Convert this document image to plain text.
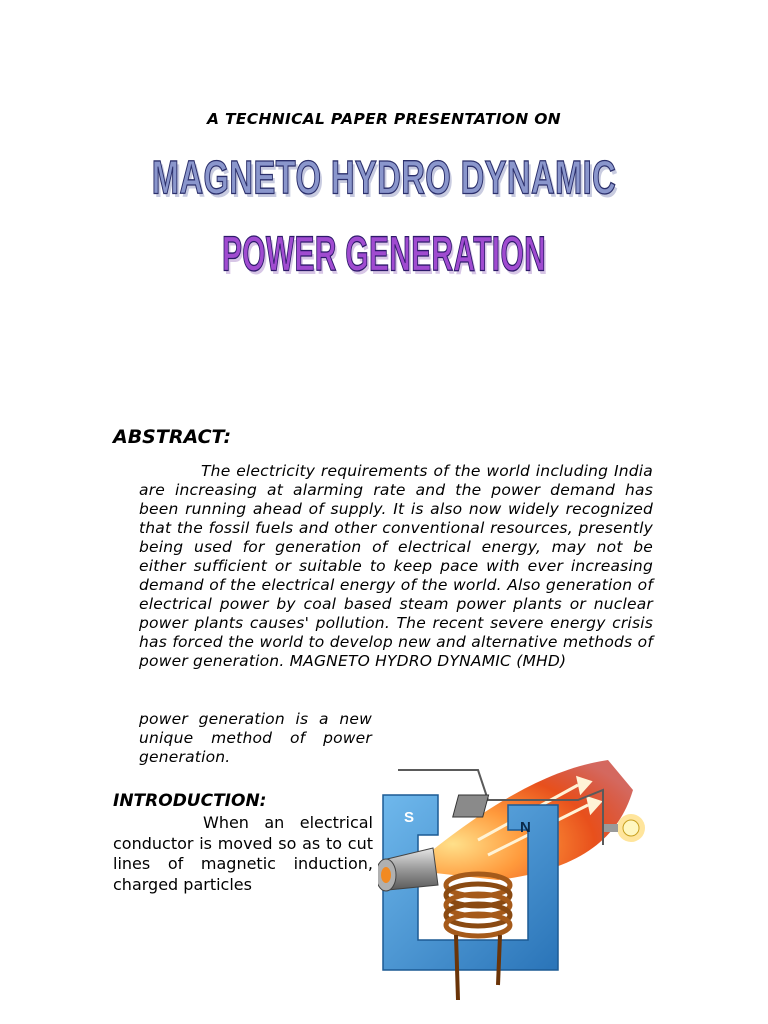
A TECHNICAL PAPER PRESENTATION ON
MAGNETO HYDRO DYNAMIC
POWER GENERATION
ABSTRACT:
The electricity requirements of the world including India are increasing at alarming rate and the power demand has been running ahead of supply. It is also now widely recognized that the fossil fuels and other conventional resources, presently being used for generation of electrical energy, may not be either sufficient or suitable to keep pace with ever increasing demand of the electrical energy of the world. Also generation of electrical power by coal based steam power plants or nuclear power plants causes' pollution. The recent severe energy crisis has forced the world to develop new and alternative methods of power generation. MAGNETO HYDRO DYNAMIC (MHD)
power generation is a new unique method of power generation.
INTRODUCTION:
When an electrical conductor is moved so as to cut lines of magnetic induction, charged particles
S
N
